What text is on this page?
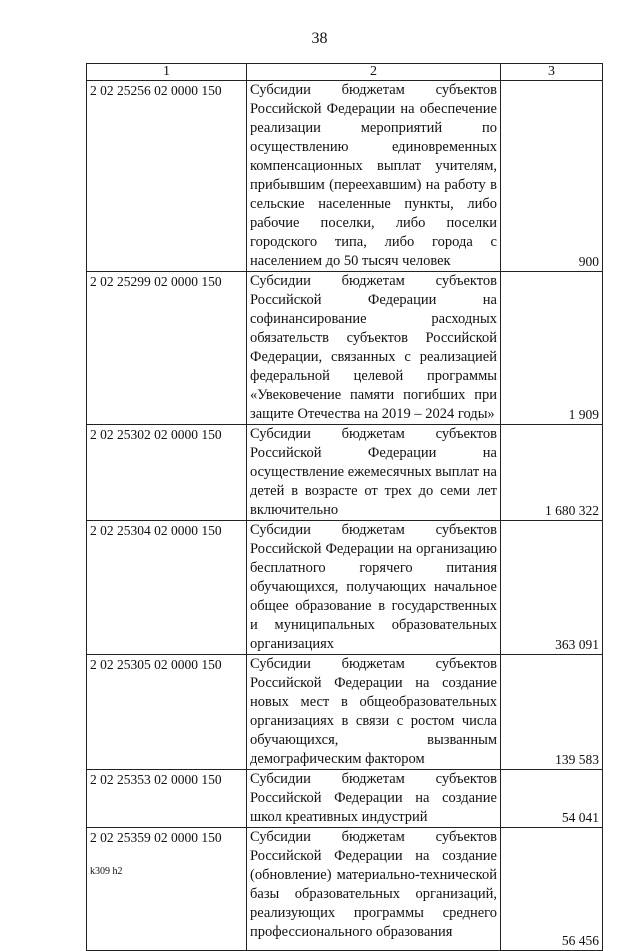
38
1	2	3
2 02 25256 02 0000 150	Субсидии бюджетам субъектов Российской Федерации на обеспечение реализации мероприятий по осуществлению единовременных компенсационных выплат учителям, прибывшим (переехавшим) на работу в сельские населенные пункты, либо рабочие поселки, либо поселки городского типа, либо города с населением до 50 тысяч человек	900
2 02 25299 02 0000 150	Субсидии бюджетам субъектов Российской Федерации на софинансирование расходных обязательств субъектов Российской Федерации, связанных с реализацией федеральной целевой программы «Увековечение памяти погибших при защите Отечества на 2019 – 2024 годы»	1 909
2 02 25302 02 0000 150	Субсидии бюджетам субъектов Российской Федерации на осуществление ежемесячных выплат на детей в возрасте от трех до семи лет включительно	1 680 322
2 02 25304 02 0000 150	Субсидии бюджетам субъектов Российской Федерации на организацию бесплатного горячего питания обучающихся, получающих начальное общее образование в государственных и муниципальных образовательных организациях	363 091
2 02 25305 02 0000 150	Субсидии бюджетам субъектов Российской Федерации на создание новых мест в общеобразовательных организациях в связи с ростом числа обучающихся, вызванным демографическим фактором	139 583
2 02 25353 02 0000 150	Субсидии бюджетам субъектов Российской Федерации на создание школ креативных индустрий	54 041
2 02 25359 02 0000 150	Субсидии бюджетам субъектов Российской Федерации на создание (обновление) материально-технической базы образовательных организаций, реализующих программы среднего профессионального образования	56 456
k309 h2
